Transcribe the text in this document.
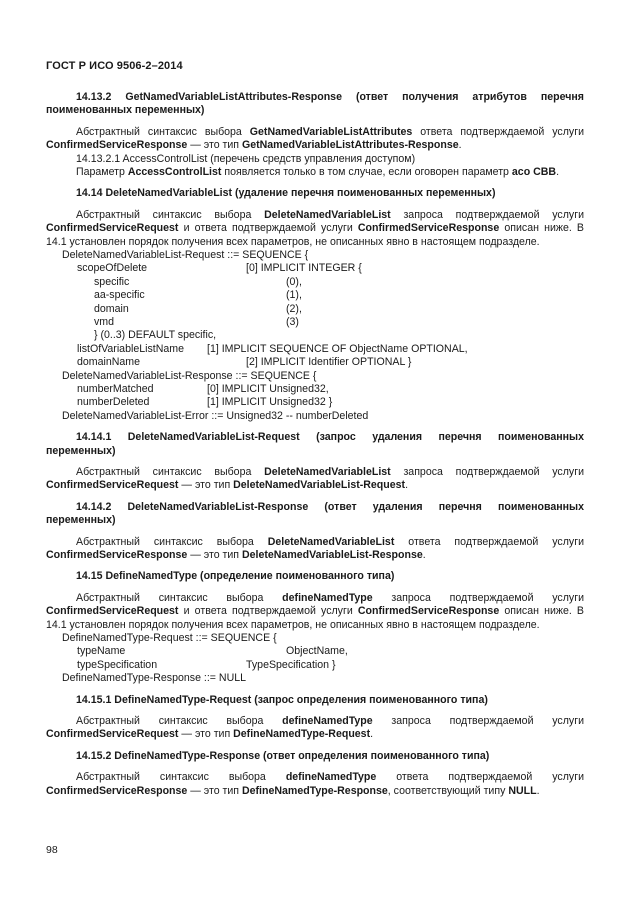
ГОСТ Р ИСО 9506-2–2014

14.13.2 GetNamedVariableListAttributes-Response (ответ получения атрибутов перечня поименованных переменных)

Абстрактный синтаксис выбора GetNamedVariableListAttributes ответа подтверждаемой услуги ConfirmedServiceResponse — это тип GetNamedVariableListAttributes-Response.

14.13.2.1 AccessControlList (перечень средств управления доступом)

Параметр AccessControlList появляется только в том случае, если оговорен параметр aco CBB.

14.14 DeleteNamedVariableList (удаление перечня поименованных переменных)

Абстрактный синтаксис выбора DeleteNamedVariableList запроса подтверждаемой услуги ConfirmedServiceRequest и ответа подтверждаемой услуги ConfirmedServiceResponse описан ниже. В 14.1 установлен порядок получения всех параметров, не описанных явно в настоящем подразделе.

DeleteNamedVariableList-Request ::= SEQUENCE {
scopeOfDelete	[0] IMPLICIT INTEGER {
specific	(0),
aa-specific	(1),
domain	(2),
vmd	(3)
} (0..3) DEFAULT specific,
listOfVariableListName [1] IMPLICIT SEQUENCE OF ObjectName OPTIONAL,
domainName	[2] IMPLICIT Identifier OPTIONAL }
DeleteNamedVariableList-Response ::= SEQUENCE {
numberMatched	[0] IMPLICIT Unsigned32,
numberDeleted	[1] IMPLICIT Unsigned32 }
DeleteNamedVariableList-Error ::= Unsigned32 -- numberDeleted

14.14.1 DeleteNamedVariableList-Request (запрос удаления перечня поименованных переменных)

Абстрактный синтаксис выбора DeleteNamedVariableList запроса подтверждаемой услуги ConfirmedServiceRequest — это тип DeleteNamedVariableList-Request.

14.14.2 DeleteNamedVariableList-Response (ответ удаления перечня поименованных переменных)

Абстрактный синтаксис выбора DeleteNamedVariableList ответа подтверждаемой услуги ConfirmedServiceResponse — это тип DeleteNamedVariableList-Response.

14.15 DefineNamedType (определение поименованного типа)

Абстрактный синтаксис выбора defineNamedType запроса подтверждаемой услуги ConfirmedServiceRequest и ответа подтверждаемой услуги ConfirmedServiceResponse описан ниже. В 14.1 установлен порядок получения всех параметров, не описанных явно в настоящем подразделе.

DefineNamedType-Request ::= SEQUENCE {
typeName	ObjectName,
typeSpecification	TypeSpecification }
DefineNamedType-Response ::= NULL

14.15.1 DefineNamedType-Request (запрос определения поименованного типа)

Абстрактный синтаксис выбора defineNamedType запроса подтверждаемой услуги ConfirmedServiceRequest — это тип DefineNamedType-Request.

14.15.2 DefineNamedType-Response (ответ определения поименованного типа)

Абстрактный синтаксис выбора defineNamedType ответа подтверждаемой услуги ConfirmedServiceResponse — это тип DefineNamedType-Response, соответствующий типу NULL.

98
